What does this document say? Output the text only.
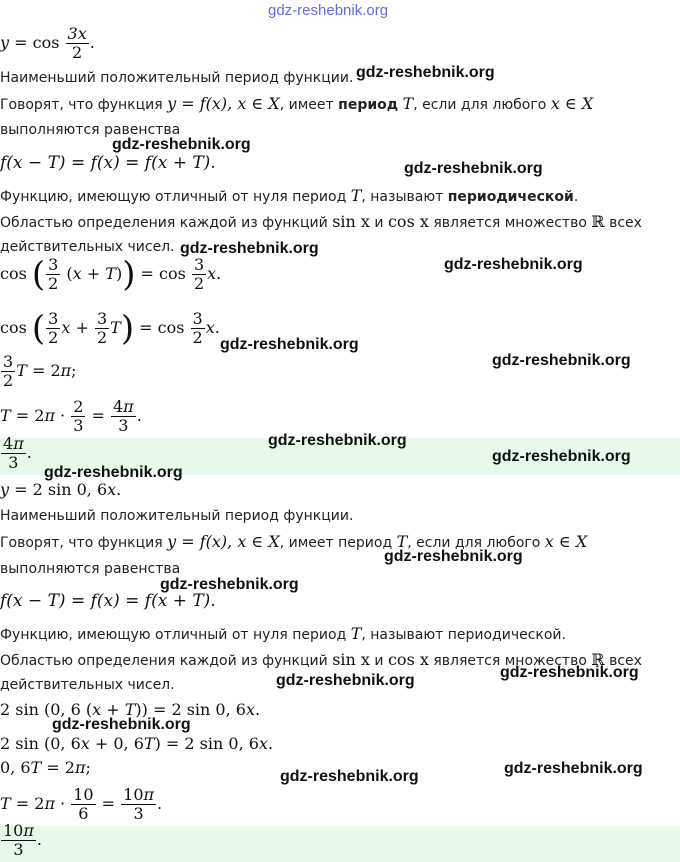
$y = \cos \frac{3x}{2}$ .
Наименьший положительный период функции.
Говорят, что функция y = f(x), x ∈ X, имеет период T, если для любого x ∈ X
выполняются равенства
f(x − T) = f(x) = f(x + T).
Функцию, имеющую отличный от нуля период T, называют периодической.
Областью определения каждой из функций sin x и cos x является множество ℝ всех
действительных чисел.
cos ( $\frac{3}{2} (x + T)) = \cos \frac{3}{2} x$.
cos ( $\frac{3}{2}$ $x + \frac{3}{2} T) = \cos \frac{3}{2} x$.
$\frac{3}{2}$ T = 2π;
$T = 2\pi \cdot \frac{2}{3} = \frac{4\pi}{3}$ .
$\frac{4\pi}{3}$ .
y = 2 sin 0, 6x.
Наименьший положительный период функции.
Говорят, что функция y = f(x), x ∈ X, имеет период T, если для любого x ∈ X
выполняются равенства
f(x − T) = f(x) = f(x + T).
Функцию, имеющую отличный от нуля период T, называют периодической.
Областью определения каждой из функций sin x и cos x является множество ℝ всех
действительных чисел.
2 sin (0, 6 (x + T)) = 2 sin 0, 6x.
2 sin (0, 6x + 0, 6T) = 2 sin 0, 6x.
0, 6T = 2π;
$T = 2\pi \cdot \frac{10}{6} = \frac{10\pi}{3}$ .
$\frac{10\pi}{3}$ .
gdz-reshebnik.org
gdz-reshebnik.org
gdz-reshebnik.org
gdz-reshebnik.org
gdz-reshebnik.org
gdz-reshebnik.org
gdz-reshebnik.org
gdz-reshebnik.org
gdz-reshebnik.org
gdz-reshebnik.org
gdz-reshebnik.org
gdz-reshebnik.org
gdz-reshebnik.org
gdz-reshebnik.org
gdz-reshebnik.org
gdz-reshebnik.org
gdz-reshebnik.org
gdz-reshebnik.org
